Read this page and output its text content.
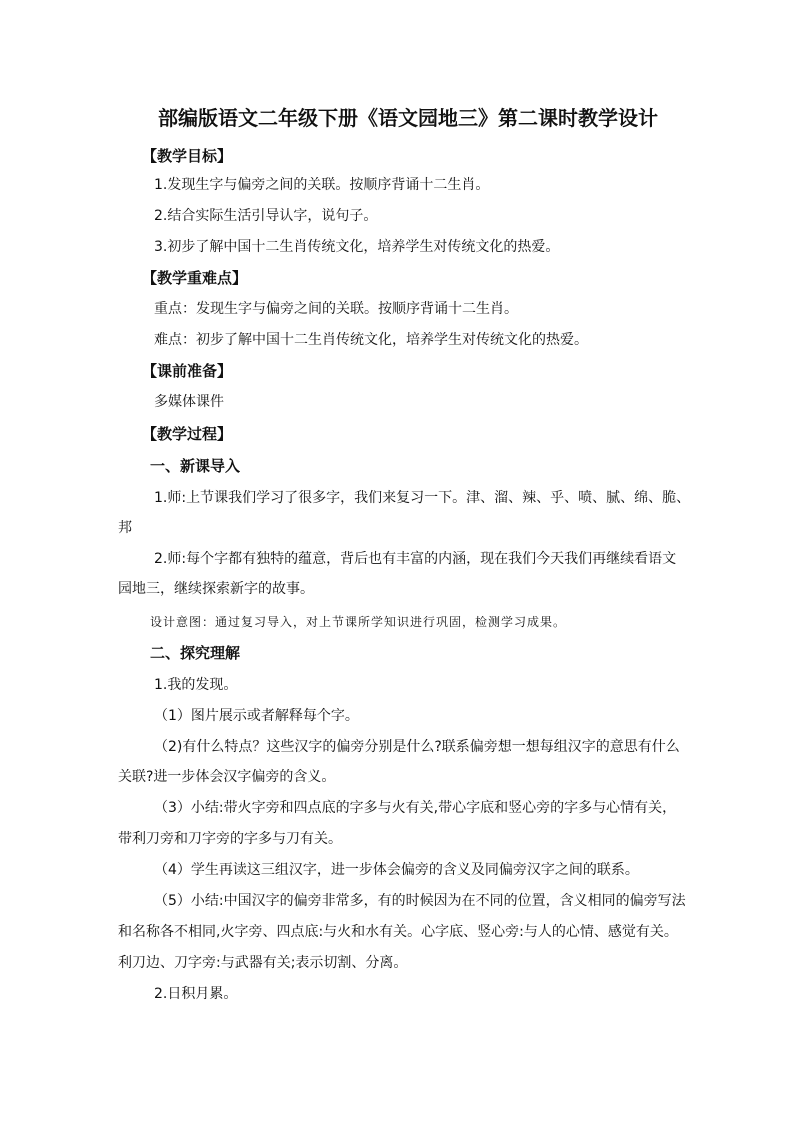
部编版语文二年级下册《语文园地三》第二课时教学设计
【教学目标】
1.发现生字与偏旁之间的关联。按顺序背诵十二生肖。
2.结合实际生活引导认字，说句子。
3.初步了解中国十二生肖传统文化，培养学生对传统文化的热爱。
【教学重难点】
重点：发现生字与偏旁之间的关联。按顺序背诵十二生肖。
难点：初步了解中国十二生肖传统文化，培养学生对传统文化的热爱。
【课前准备】
多媒体课件
【教学过程】
一、新课导入
1.师:上节课我们学习了很多字，我们来复习一下。津、溜、辣、乎、喷、腻、绵、脆、
邦
2.师:每个字都有独特的蕴意，背后也有丰富的内涵，现在我们今天我们再继续看语文
园地三，继续探索新字的故事。
设计意图：通过复习导入，对上节课所学知识进行巩固，检测学习成果。
二、探究理解
1.我的发现。
（1）图片展示或者解释每个字。
（2)有什么特点？这些汉字的偏旁分别是什么?联系偏旁想一想每组汉字的意思有什么
关联?进一步体会汉字偏旁的含义。
（3）小结:带火字旁和四点底的字多与火有关,带心字底和竖心旁的字多与心情有关，
带利刀旁和刀字旁的字多与刀有关。
（4）学生再读这三组汉字，进一步体会偏旁的含义及同偏旁汉字之间的联系。
（5）小结:中国汉字的偏旁非常多，有的时候因为在不同的位置，含义相同的偏旁写法
和名称各不相同,火字旁、四点底:与火和水有关。心字底、竖心旁:与人的心情、感觉有关。
利刀边、刀字旁:与武器有关;表示切割、分离。
2.日积月累。
